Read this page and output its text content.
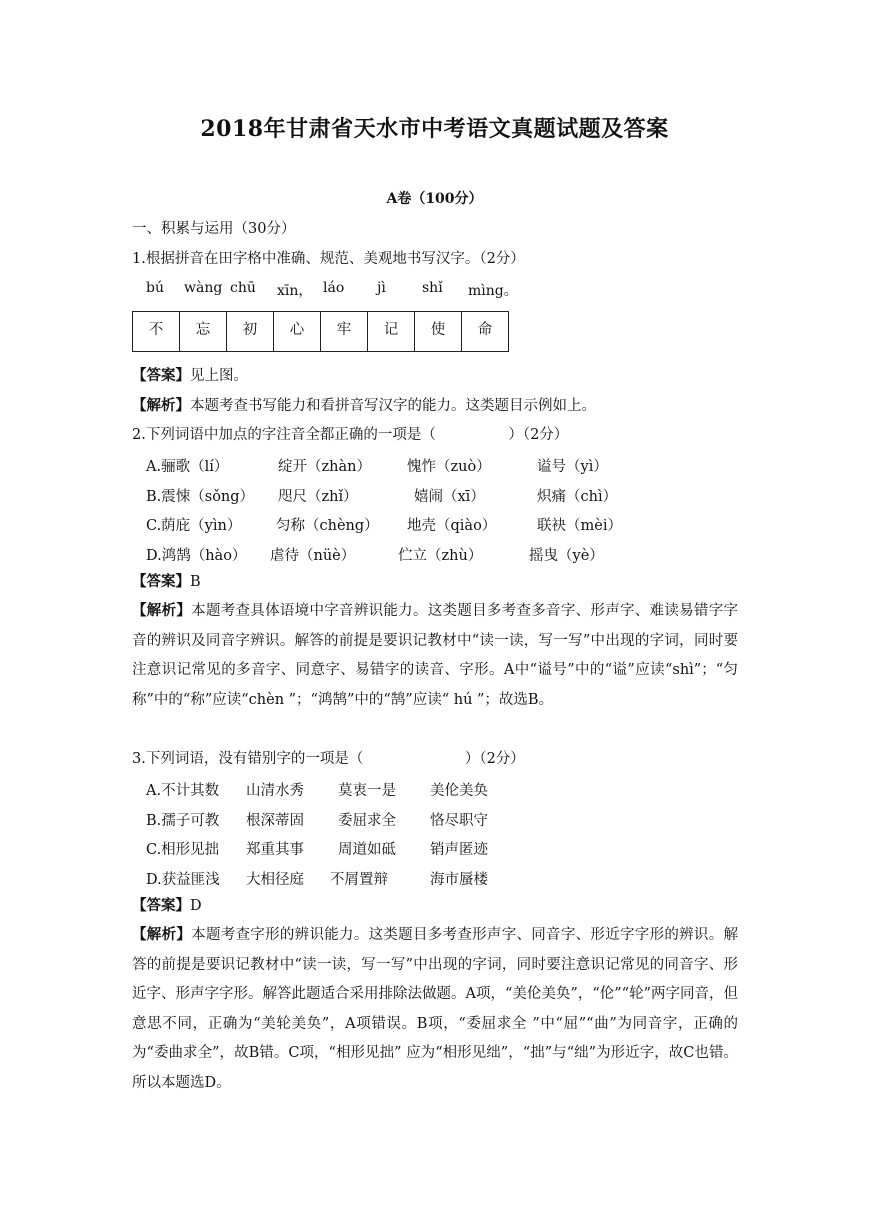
2018年甘肃省天水市中考语文真题试题及答案
A卷（100分）
一、积累与运用（30分）
1.根据拼音在田字格中准确、规范、美观地书写汉字。（2分）
bú wàng chū xīn， láo jì	shǐ mìng。
不	忘	初	心	牢	记	使	命
【答案】见上图。
【解析】本题考查书写能力和看拼音写汉字的能力。这类题目示例如上。
2.下列词语中加点的字注音全都正确的一项是（　　　　　）（2分）
A.骊歌（lí）	绽开（zhàn） 愧怍（zuò）	谥号（yì）
B.震悚（sǒng） 咫尺（zhǐ）	嬉闹（xī）	炽痛（chì）
C.荫庇（yìn） 匀称（chèng） 地壳（qiào）	联袂（mèi）
D.鸿鹄（hào） 虐待（nüè）	伫立（zhù）	摇曳（yè）
【答案】B
【解析】本题考查具体语境中字音辨识能力。这类题目多考查多音字、形声字、难读易错字字音的辨识及同音字辨识。解答的前提是要识记教材中“读一读，写一写”中出现的字词，同时要注意识记常见的多音字、同意字、易错字的读音、字形。A中“谥号”中的“谥”应读“shì”；“匀称”中的“称”应读“chèn ”；“鸿鹄”中的“鹄”应读“ hú ”；故选B。
3.下列词语，没有错别字的一项是（　　　　　　　）（2分）
A.不计其数 山清水秀 莫衷一是 美伦美奂
B.孺子可教 根深蒂固 委屈求全 恪尽职守
C.相形见拙 郑重其事 周道如砥 销声匿迹
D.获益匪浅 大相径庭 不屑置辩	海市蜃楼
【答案】D
【解析】本题考查字形的辨识能力。这类题目多考查形声字、同音字、形近字字形的辨识。解答的前提是要识记教材中“读一读，写一写”中出现的字词，同时要注意识记常见的同音字、形近字、形声字字形。解答此题适合采用排除法做题。A项，“美伦美奂”，“伦”“轮”两字同音，但意思不同，正确为“美轮美奂”，A项错误。B项，“委屈求全 ”中“屈”“曲”为同音字，正确的为“委曲求全”，故B错。C项，“相形见拙” 应为“相形见绌”，“拙”与“绌”为形近字，故C也错。所以本题选D。
